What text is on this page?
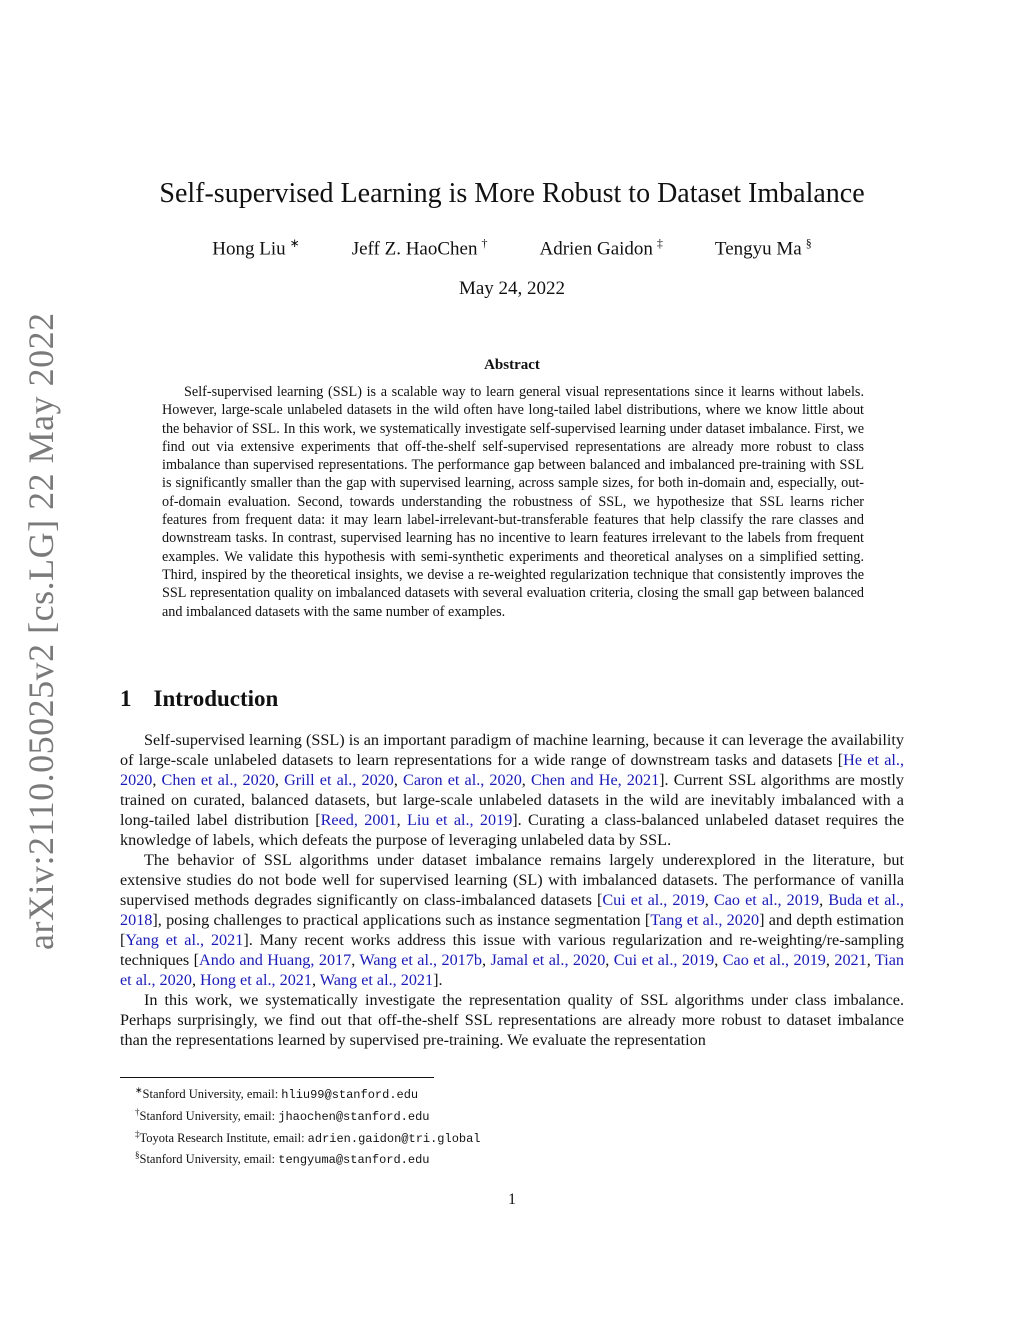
arXiv:2110.05025v2 [cs.LG] 22 May 2022
Self-supervised Learning is More Robust to Dataset Imbalance
Hong Liu ∗	Jeff Z. HaoChen †	Adrien Gaidon ‡	Tengyu Ma §
May 24, 2022
Abstract

Self-supervised learning (SSL) is a scalable way to learn general visual representations since it learns without labels. However, large-scale unlabeled datasets in the wild often have long-tailed label distributions, where we know little about the behavior of SSL. In this work, we systematically investigate self-supervised learning under dataset imbalance. First, we find out via extensive experiments that off-the-shelf self-supervised representations are already more robust to class imbalance than supervised representations. The performance gap between balanced and imbalanced pre-training with SSL is significantly smaller than the gap with supervised learning, across sample sizes, for both in-domain and, especially, out-of-domain evaluation. Second, towards understanding the robustness of SSL, we hypothesize that SSL learns richer features from frequent data: it may learn label-irrelevant-but-transferable features that help classify the rare classes and downstream tasks. In contrast, supervised learning has no incentive to learn features irrelevant to the labels from frequent examples. We validate this hypothesis with semi-synthetic experiments and theoretical analyses on a simplified setting. Third, inspired by the theoretical insights, we devise a re-weighted regularization technique that consistently improves the SSL representation quality on imbalanced datasets with several evaluation criteria, closing the small gap between balanced and imbalanced datasets with the same number of examples.

1 Introduction

Self-supervised learning (SSL) is an important paradigm of machine learning, because it can leverage the availability of large-scale unlabeled datasets to learn representations for a wide range of downstream tasks and datasets [He et al., 2020, Chen et al., 2020, Grill et al., 2020, Caron et al., 2020, Chen and He, 2021]. Current SSL algorithms are mostly trained on curated, balanced datasets, but large-scale unlabeled datasets in the wild are inevitably imbalanced with a long-tailed label distribution [Reed, 2001, Liu et al., 2019]. Curating a class-balanced unlabeled dataset requires the knowledge of labels, which defeats the purpose of leveraging unlabeled data by SSL.

The behavior of SSL algorithms under dataset imbalance remains largely underexplored in the literature, but extensive studies do not bode well for supervised learning (SL) with imbalanced datasets. The performance of vanilla supervised methods degrades significantly on class-imbalanced datasets [Cui et al., 2019, Cao et al., 2019, Buda et al., 2018], posing challenges to practical applications such as instance segmentation [Tang et al., 2020] and depth estimation [Yang et al., 2021]. Many recent works address this issue with various regularization and re-weighting/re-sampling techniques [Ando and Huang, 2017, Wang et al., 2017b, Jamal et al., 2020, Cui et al., 2019, Cao et al., 2019, 2021, Tian et al., 2020, Hong et al., 2021, Wang et al., 2021].

In this work, we systematically investigate the representation quality of SSL algorithms under class imbalance. Perhaps surprisingly, we find out that off-the-shelf SSL representations are already more robust to dataset imbalance than the representations learned by supervised pre-training. We evaluate the representation

∗Stanford University, email: hliu99@stanford.edu
†Stanford University, email: jhaochen@stanford.edu
‡Toyota Research Institute, email: adrien.gaidon@tri.global
§Stanford University, email: tengyuma@stanford.edu
1
